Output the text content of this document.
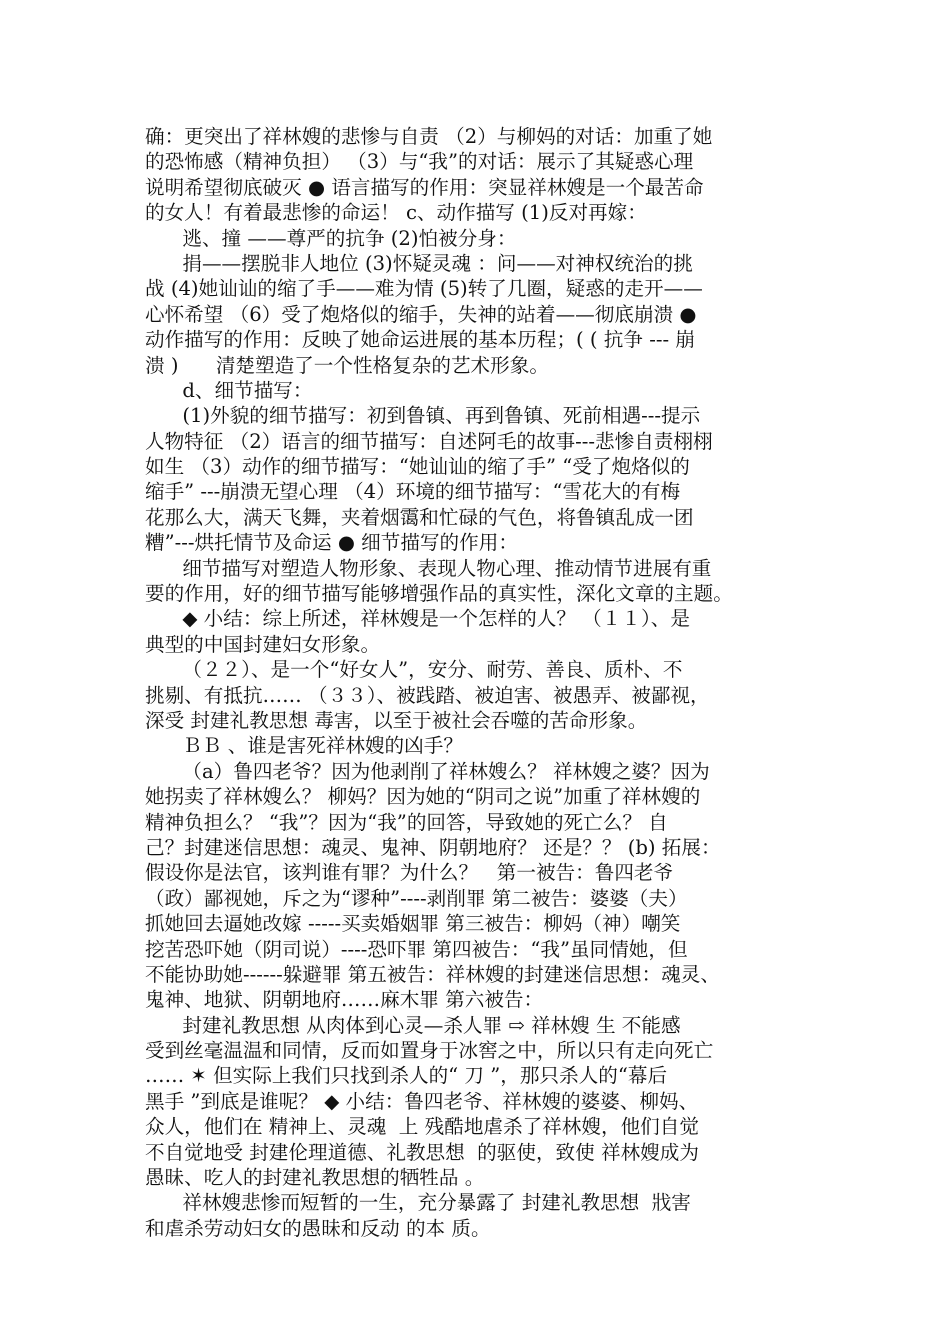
确：更突出了祥林嫂的悲惨与自责 （2）与柳妈的对话：加重了她
的恐怖感（精神负担） （3）与“我”的对话：展示了其疑惑心理
说明希望彻底破灭 ● 语言描写的作用：突显祥林嫂是一个最苦命
的女人！有着最悲惨的命运！ c、动作描写 (1)反对再嫁：
逃、撞 ——尊严的抗争 (2)怕被分身：
捐——摆脱非人地位 (3)怀疑灵魂 ：问——对神权统治的挑
战 (4)她讪讪的缩了手——难为情 (5)转了几圈，疑惑的走开——
心怀希望 （6）受了炮烙似的缩手，失神的站着——彻底崩溃 ●
动作描写的作用：反映了她命运进展的基本历程；( ( 抗争 --- 崩
溃 )      清楚塑造了一个性格复杂的艺术形象。
d、细节描写：
(1)外貌的细节描写：初到鲁镇、再到鲁镇、死前相遇---提示
人物特征 （2）语言的细节描写：自述阿毛的故事---悲惨自责栩栩
如生 （3）动作的细节描写：“她讪讪的缩了手” “受了炮烙似的
缩手” ---崩溃无望心理 （4）环境的细节描写：“雪花大的有梅
花那么大，满天飞舞，夹着烟霭和忙碌的气色，将鲁镇乱成一团
糟”---烘托情节及命运 ● 细节描写的作用：
细节描写对塑造人物形象、表现人物心理、推动情节进展有重
要的作用，好的细节描写能够增强作品的真实性，深化文章的主题。
◆ 小结：综上所述，祥林嫂是一个怎样的人？ （１１）、是
典型的中国封建妇女形象。
（２２）、是一个“好女人”，安分、耐劳、善良、质朴、不
挑剔、有抵抗…… （３３）、被践踏、被迫害、被愚弄、被鄙视，
深受 封建礼教思想 毒害，以至于被社会吞噬的苦命形象。
ＢＢ 、谁是害死祥林嫂的凶手？
（a）鲁四老爷？因为他剥削了祥林嫂么？ 祥林嫂之婆？因为
她拐卖了祥林嫂么？ 柳妈？因为她的“阴司之说”加重了祥林嫂的
精神负担么？ “我”？因为“我”的回答，导致她的死亡么？ 自
己？封建迷信思想：魂灵、鬼神、阴朝地府？ 还是？？ (b) 拓展：
假设你是法官，该判谁有罪？为什么？   第一被告：鲁四老爷
（政）鄙视她，斥之为“谬种”----剥削罪 第二被告：婆婆（夫）
抓她回去逼她改嫁 -----买卖婚姻罪 第三被告：柳妈（神）嘲笑
挖苦恐吓她（阴司说）----恐吓罪 第四被告：“我”虽同情她，但
不能协助她------躲避罪 第五被告：祥林嫂的封建迷信思想：魂灵、
鬼神、地狱、阴朝地府……麻木罪 第六被告：
封建礼教思想 从肉体到心灵—杀人罪 ⇨ 祥林嫂 生 不能感
受到丝毫温温和同情，反而如置身于冰窖之中，所以只有走向死亡
…… ✶ 但实际上我们只找到杀人的“ 刀 ”，那只杀人的“幕后
黑手 ”到底是谁呢？ ◆ 小结：鲁四老爷、祥林嫂的婆婆、柳妈、
众人，他们在 精神上、灵魂  上 残酷地虐杀了祥林嫂，他们自觉
不自觉地受 封建伦理道德、礼教思想  的驱使，致使 祥林嫂成为
愚昧、吃人的封建礼教思想的牺牲品 。
祥林嫂悲惨而短暂的一生，充分暴露了 封建礼教思想  戕害
和虐杀劳动妇女的愚昧和反动 的本 质。
